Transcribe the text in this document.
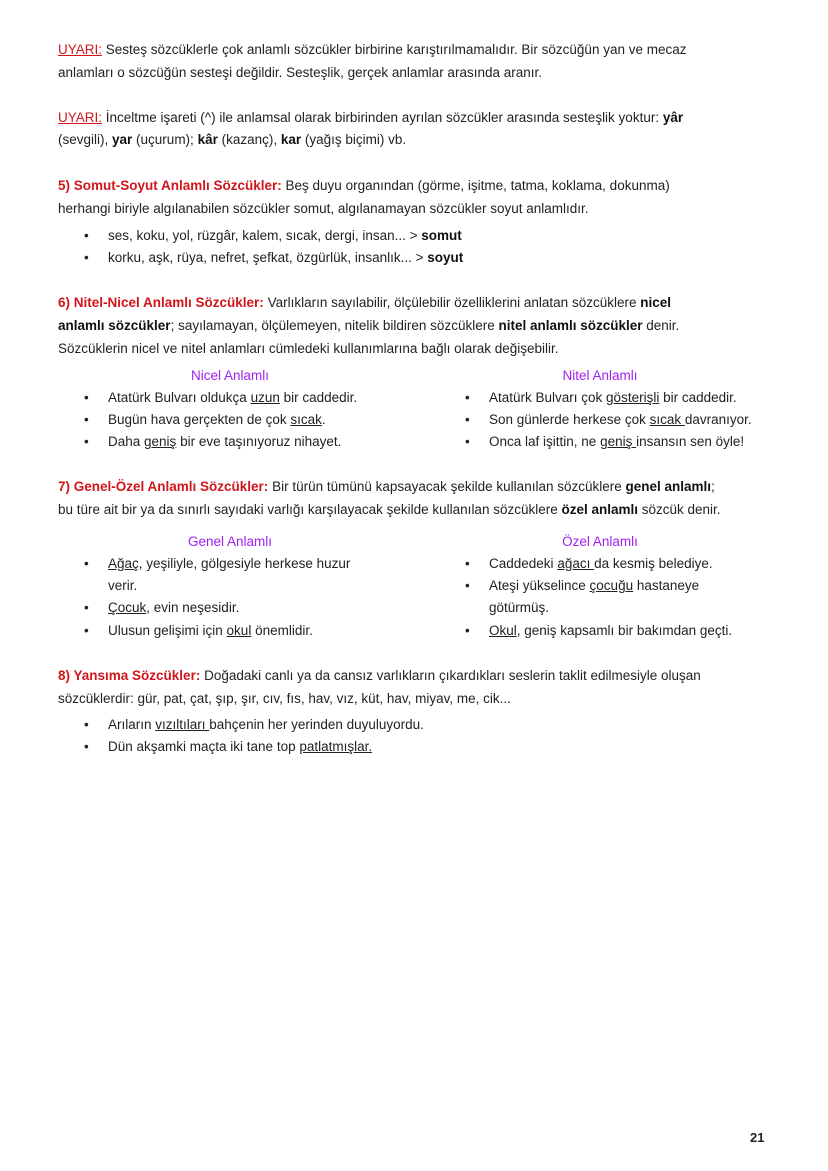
UYARI: Sesteş sözcüklerle çok anlamlı sözcükler birbirine karıştırılmamalıdır. Bir sözcüğün yan ve mecaz
anlamları o sözcüğün sesteşi değildir. Sesteşlik, gerçek anlamlar arasında aranır.
UYARI: İnceltme işareti (^) ile anlamsal olarak birbirinden ayrılan sözcükler arasında sesteşlik yoktur: yâr
(sevgili), yar (uçurum); kâr (kazanç), kar (yağış biçimi) vb.
5) Somut-Soyut Anlamlı Sözcükler: Beş duyu organından (görme, işitme, tatma, koklama, dokunma)
herhangi biriyle algılanabilen sözcükler somut, algılanamayan sözcükler soyut anlamlıdır.
• ses, koku, yol, rüzgâr, kalem, sıcak, dergi, insan... > somut
• korku, aşk, rüya, nefret, şefkat, özgürlük, insanlık... > soyut
6) Nitel-Nicel Anlamlı Sözcükler: Varlıkların sayılabilir, ölçülebilir özelliklerini anlatan sözcüklere nicel
anlamlı sözcükler; sayılamayan, ölçülemeyen, nitelik bildiren sözcüklere nitel anlamlı sözcükler denir.
Sözcüklerin nicel ve nitel anlamları cümledeki kullanımlarına bağlı olarak değişebilir.
Nicel Anlamlı	Nitel Anlamlı
• Atatürk Bulvarı oldukça uzun bir caddedir.
• Bugün hava gerçekten de çok sıcak.
• Daha geniş bir eve taşınıyoruz nihayet.
• Atatürk Bulvarı çok gösterişli bir caddedir.
• Son günlerde herkese çok sıcak davranıyor.
• Onca laf işittin, ne geniş insansın sen öyle!
7) Genel-Özel Anlamlı Sözcükler: Bir türün tümünü kapsayacak şekilde kullanılan sözcüklere genel anlamlı;
bu türe ait bir ya da sınırlı sayıdaki varlığı karşılayacak şekilde kullanılan sözcüklere özel anlamlı sözcük denir.
Genel Anlamlı	Özel Anlamlı
• Ağaç, yeşiliyle, gölgesiyle herkese huzur
verir.
• Çocuk, evin neşesidir.
• Ulusun gelişimi için okul önemlidir.
• Caddedeki ağacı da kesmiş belediye.
• Ateşi yükselince çocuğu hastaneye
götürmüş.
• Okul, geniş kapsamlı bir bakımdan geçti.
8) Yansıma Sözcükler: Doğadaki canlı ya da cansız varlıkların çıkardıkları seslerin taklit edilmesiyle oluşan
sözcüklerdir: gür, pat, çat, şıp, şır, cıv, fıs, hav, vız, küt, hav, miyav, me, cik...
• Arıların vızıltıları bahçenin her yerinden duyuluyordu.
• Dün akşamki maçta iki tane top patlatmışlar.
21
